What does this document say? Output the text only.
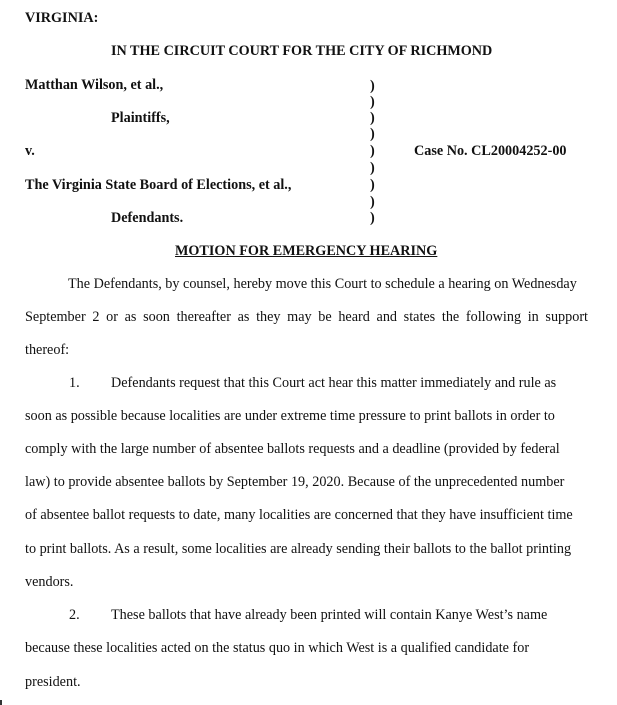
VIRGINIA:
IN THE CIRCUIT COURT FOR THE CITY OF RICHMOND
Matthan Wilson, et al.,
Plaintiffs,
v.
The Virginia State Board of Elections, et al.,
Defendants.
Case No. CL20004252-00
)
)
)
)
)
)
)
)
)
MOTION FOR EMERGENCY HEARING
The Defendants, by counsel, hereby move this Court to schedule a hearing on Wednesday
September 2 or as soon thereafter as they may be heard and states the following in support
thereof:
1. Defendants request that this Court act hear this matter immediately and rule as
soon as possible because localities are under extreme time pressure to print ballots in order to
comply with the large number of absentee ballots requests and a deadline (provided by federal
law) to provide absentee ballots by September 19, 2020. Because of the unprecedented number
of absentee ballot requests to date, many localities are concerned that they have insufficient time
to print ballots. As a result, some localities are already sending their ballots to the ballot printing
vendors.
2. These ballots that have already been printed will contain Kanye West’s name
because these localities acted on the status quo in which West is a qualified candidate for
president.
